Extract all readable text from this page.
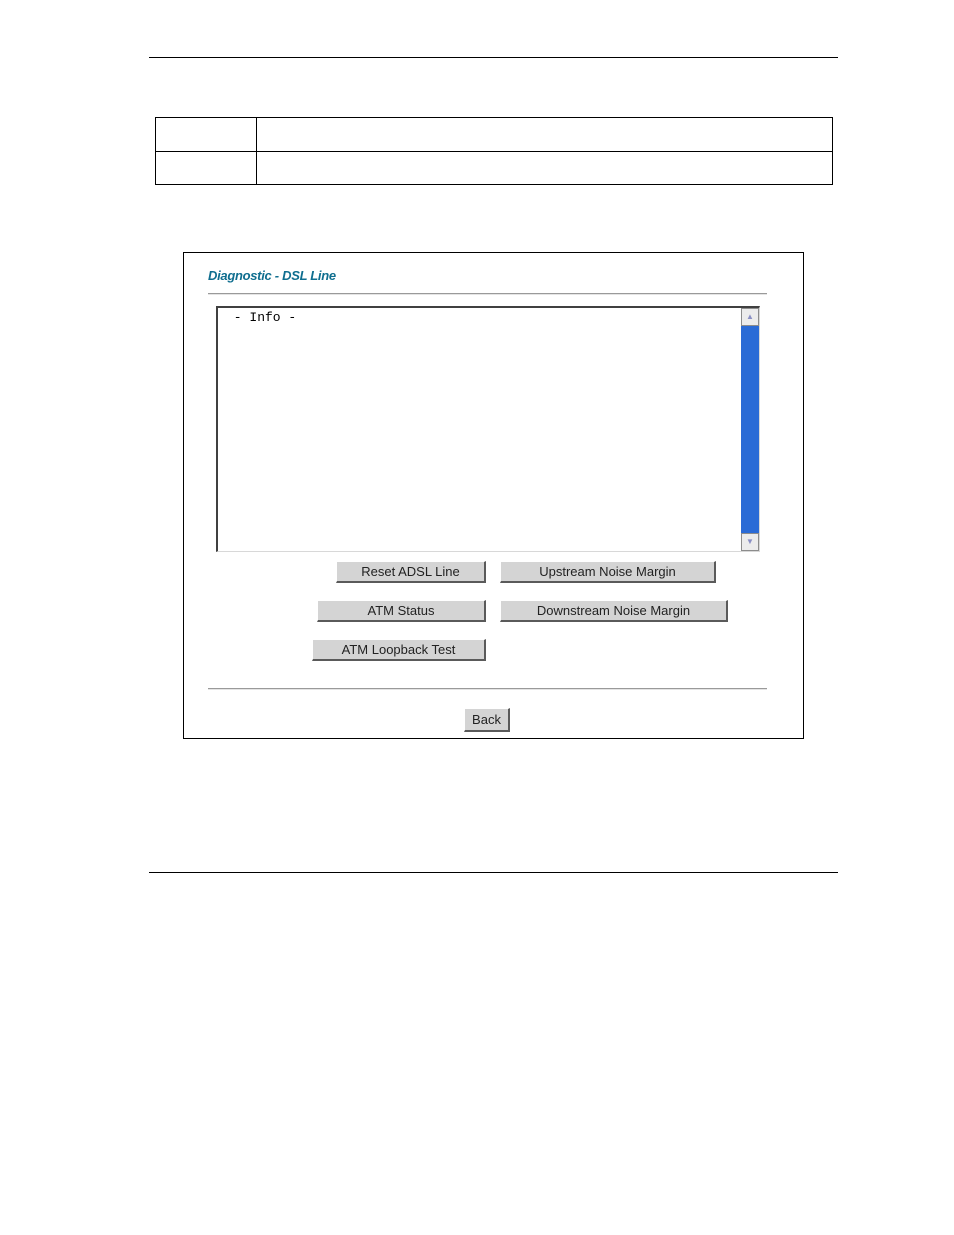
Diagnostic - DSL Line
- Info -	▲
▼
Reset ADSL Line	Upstream Noise Margin
ATM Status	Downstream Noise Margin
ATM Loopback Test
Back
